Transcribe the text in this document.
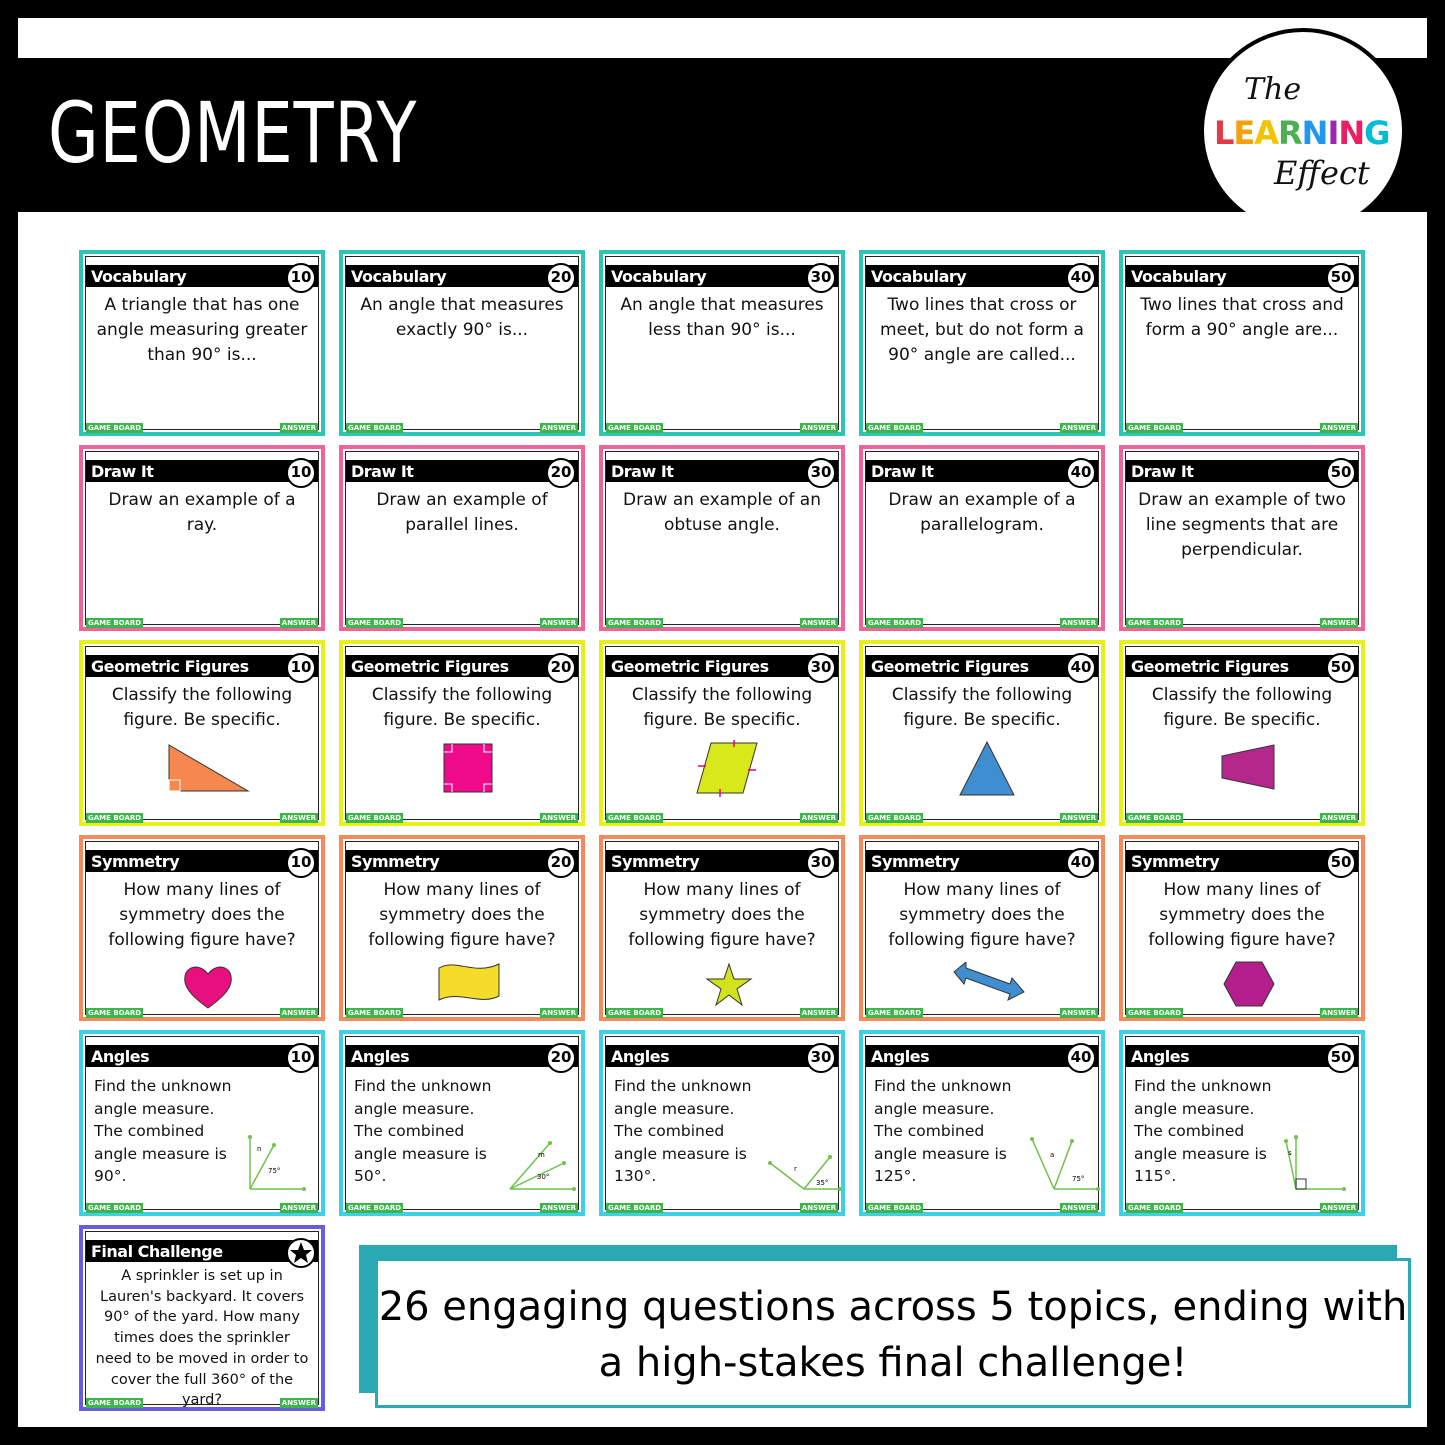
GEOMETRY	The
LEARNING
Effect
Vocabulary	10
A triangle that has one angle measuring greater than 90° is...
GAME BOARD	ANSWER
Vocabulary	20
An angle that measures exactly 90° is...
GAME BOARD	ANSWER
Vocabulary	30
An angle that measures less than 90° is...
GAME BOARD	ANSWER
Vocabulary	40
Two lines that cross or meet, but do not form a 90° angle are called...
GAME BOARD	ANSWER
Vocabulary	50
Two lines that cross and form a 90° angle are...
GAME BOARD	ANSWER
Draw It	10
Draw an example of a ray.
GAME BOARD	ANSWER
Draw It	20
Draw an example of parallel lines.
GAME BOARD	ANSWER
Draw It	30
Draw an example of an obtuse angle.
GAME BOARD	ANSWER
Draw It	40
Draw an example of a parallelogram.
GAME BOARD	ANSWER
Draw It	50
Draw an example of two line segments that are perpendicular.
GAME BOARD	ANSWER
Geometric Figures	10
Classify the following figure. Be specific.
GAME BOARD	ANSWER
Geometric Figures	20
Classify the following figure. Be specific.
GAME BOARD	ANSWER
Geometric Figures	30
Classify the following figure. Be specific.
GAME BOARD	ANSWER
Geometric Figures	40
Classify the following figure. Be specific.
GAME BOARD	ANSWER
Geometric Figures	50
Classify the following figure. Be specific.
GAME BOARD	ANSWER
Symmetry	10
How many lines of symmetry does the following figure have?
GAME BOARD	ANSWER
Symmetry	20
How many lines of symmetry does the following figure have?
GAME BOARD	ANSWER
Symmetry	30
How many lines of symmetry does the following figure have?
GAME BOARD	ANSWER
Symmetry	40
How many lines of symmetry does the following figure have?
GAME BOARD	ANSWER
Symmetry	50
How many lines of symmetry does the following figure have?
GAME BOARD	ANSWER
Angles	10
Find the unknown angle measure. The combined angle measure is 90°.
n
75°
GAME BOARD	ANSWER
Angles	20
Find the unknown angle measure. The combined angle measure is 50°.
m
30°
GAME BOARD	ANSWER
Angles	30
Find the unknown angle measure. The combined angle measure is 130°.	r
35°
GAME BOARD	ANSWER
Angles	40
Find the unknown angle measure. The combined angle measure is 125°.
a
75°
GAME BOARD	ANSWER
Angles	50
Find the unknown angle measure. The combined angle measure is 115°.
s
GAME BOARD	ANSWER
Final Challenge
A sprinkler is set up in Lauren's backyard. It covers 90° of the yard. How many times does the sprinkler need to be moved in order to cover the full 360° of the yard?
GAME BOARD	ANSWER

26 engaging questions across 5 topics, ending with a high-stakes final challenge!
